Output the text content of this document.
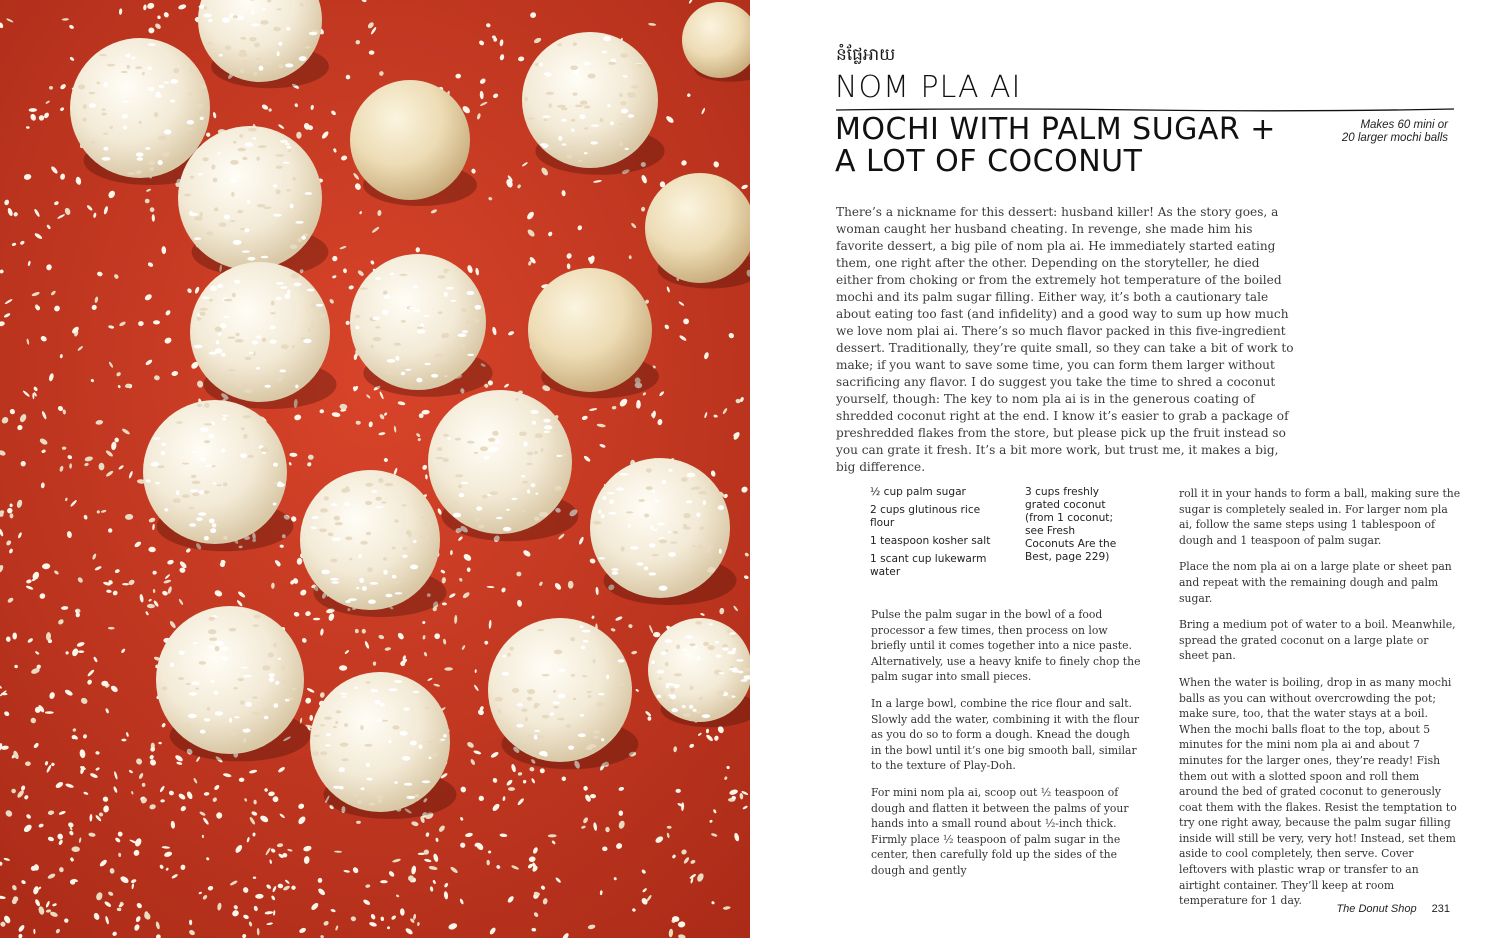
នំផ្លែអាយ
NOM PLA AI
MOCHI WITH PALM SUGAR +
A LOT OF COCONUT
Makes 60 mini or
20 larger mochi balls

There’s a nickname for this dessert: husband killer! As the story goes, a woman caught her husband cheating. In revenge, she made him his favorite dessert, a big pile of nom pla ai. He immediately started eating them, one right after the other. Depending on the storyteller, he died either from choking or from the extremely hot temperature of the boiled mochi and its palm sugar filling. Either way, it’s both a cautionary tale about eating too fast (and infidelity) and a good way to sum up how much we love nom plai ai. There’s so much flavor packed in this five-ingredient dessert. Traditionally, they’re quite small, so they can take a bit of work to make; if you want to save some time, you can form them larger without sacrificing any flavor. I do suggest you take the time to shred a coconut yourself, though: The key to nom pla ai is in the generous coating of shredded coconut right at the end. I know it’s easier to grab a package of preshredded flakes from the store, but please pick up the fruit instead so you can grate it fresh. It’s a bit more work, but trust me, it makes a big, big difference.

½ cup palm sugar
2 cups glutinous rice flour
1 teaspoon kosher salt
1 scant cup lukewarm water
3 cups freshly grated coconut (from 1 coconut; see Fresh Coconuts Are the Best, page 229)

Pulse the palm sugar in the bowl of a food processor a few times, then process on low briefly until it comes together into a nice paste. Alternatively, use a heavy knife to finely chop the palm sugar into small pieces.

In a large bowl, combine the rice flour and salt. Slowly add the water, combining it with the flour as you do so to form a dough. Knead the dough in the bowl until it’s one big smooth ball, similar to the texture of Play-Doh.

For mini nom pla ai, scoop out ½ teaspoon of dough and flatten it between the palms of your hands into a small round about ½-inch thick. Firmly place ½ teaspoon of palm sugar in the center, then carefully fold up the sides of the dough and gently

roll it in your hands to form a ball, making sure the sugar is completely sealed in. For larger nom pla ai, follow the same steps using 1 tablespoon of dough and 1 teaspoon of palm sugar.

Place the nom pla ai on a large plate or sheet pan and repeat with the remaining dough and palm sugar.

Bring a medium pot of water to a boil. Meanwhile, spread the grated coconut on a large plate or sheet pan.

When the water is boiling, drop in as many mochi balls as you can without overcrowding the pot; make sure, too, that the water stays at a boil. When the mochi balls float to the top, about 5 minutes for the mini nom pla ai and about 7 minutes for the larger ones, they’re ready! Fish them out with a slotted spoon and roll them around the bed of grated coconut to generously coat them with the flakes. Resist the temptation to try one right away, because the palm sugar filling inside will still be very, very hot! Instead, set them aside to cool completely, then serve. Cover leftovers with plastic wrap or transfer to an airtight container. They’ll keep at room temperature for 1 day.

The Donut Shop 231
